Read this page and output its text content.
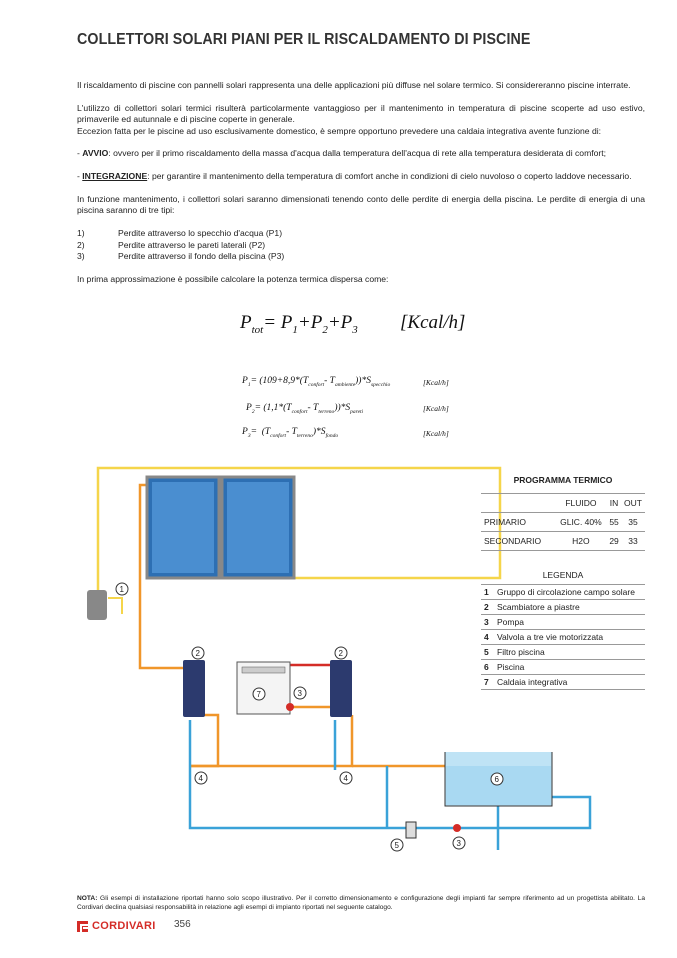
COLLETTORI SOLARI PIANI PER IL RISCALDAMENTO DI PISCINE

Il riscaldamento di piscine con pannelli solari rappresenta una delle applicazioni più diffuse nel solare termico. Si considereranno piscine interrate.

L'utilizzo di collettori solari termici risulterà particolarmente vantaggioso per il mantenimento in temperatura di piscine scoperte ad uso estivo, primaverile ed autunnale e di piscine coperte in generale.
Eccezion fatta per le piscine ad uso esclusivamente domestico, è sempre opportuno prevedere una caldaia integrativa avente funzione di:

- AVVIO: ovvero per il primo riscaldamento della massa d'acqua dalla temperatura dell'acqua di rete alla temperatura desiderata di comfort;

- INTEGRAZIONE: per garantire il mantenimento della temperatura di comfort anche in condizioni di cielo nuvoloso o coperto laddove necessario.

In funzione mantenimento, i collettori solari saranno dimensionati tenendo conto delle perdite di energia della piscina. Le perdite di energia di una piscina saranno di tre tipi:

1)	Perdite attraverso lo specchio d'acqua (P1)
2)	Perdite attraverso le pareti laterali (P2)
3)	Perdite attraverso il fondo della piscina (P3)

In prima approssimazione è possibile calcolare la potenza termica dispersa come:

$P_{tot}= P_1+P_2+P_3$ [Kcal/h]
$P_1= (109+8,9*(T_{confort}-$ $T_{ambiente}))*S_{specchio}$
$P_2= (1,1*(T_{confort}-$ $T_{terreno}))*S_{pareti}$
$P_3= (T_{confort}-$ $T_{terreno})*S_{fondo}$
[Kcal/h]
[Kcal/h]
[Kcal/h]
1
2	2
7	3
4	4	6
5	3
PROGRAMMA TERMICO			
	FLUIDO	IN	OUT
PRIMARIO	GLIC. 40%	55	35
SECONDARIO	H2O	29	33
LEGENDA	
1	Gruppo di circolazione campo solare
2	Scambiatore a piastre
3	Pompa
4	Valvola a tre vie motorizzata
5	Filtro piscina
6	Piscina
7	Caldaia integrativa
NOTA: Gli esempi di installazione riportati hanno solo scopo illustrativo. Per il corretto dimensionamento e configurazione degli impianti far sempre riferimento ad un progettista abilitato. La Cordivari declina qualsiasi responsabilità in relazione agli esempi di impianto riportati nel seguente catalogo.
CORDIVARI 356
